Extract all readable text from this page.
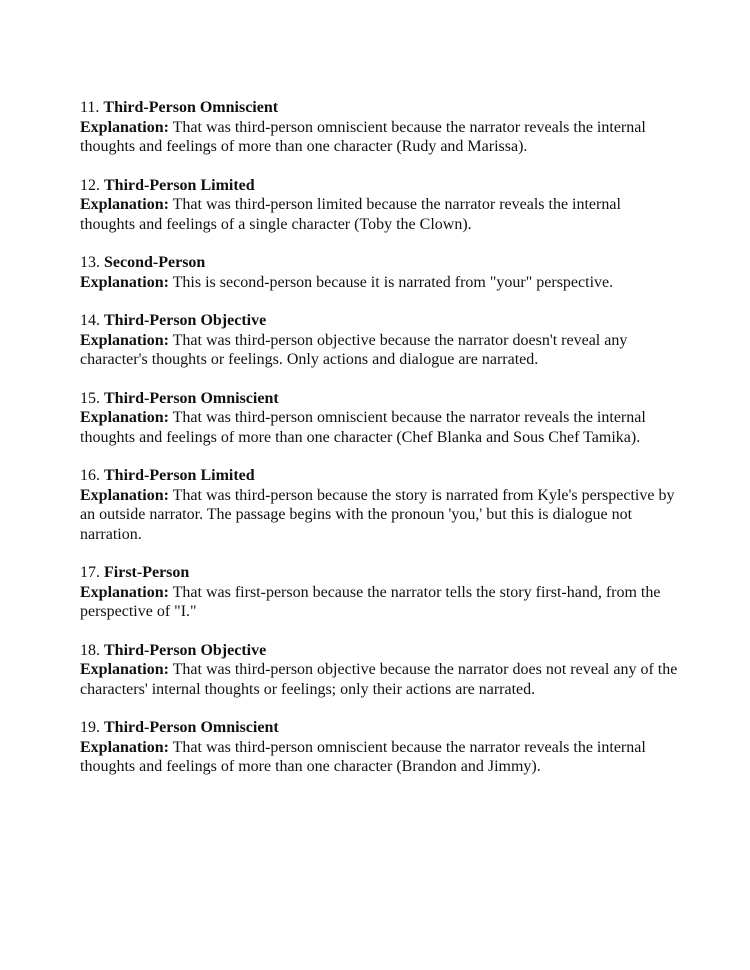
11. Third-Person Omniscient
Explanation: That was third-person omniscient because the narrator reveals the internal thoughts and feelings of more than one character (Rudy and Marissa).
12. Third-Person Limited
Explanation: That was third-person limited because the narrator reveals the internal thoughts and feelings of a single character (Toby the Clown).
13. Second-Person
Explanation: This is second-person because it is narrated from "your" perspective.
14. Third-Person Objective
Explanation: That was third-person objective because the narrator doesn't reveal any character's thoughts or feelings. Only actions and dialogue are narrated.
15. Third-Person Omniscient
Explanation: That was third-person omniscient because the narrator reveals the internal thoughts and feelings of more than one character (Chef Blanka and Sous Chef Tamika).
16. Third-Person Limited
Explanation: That was third-person because the story is narrated from Kyle's perspective by an outside narrator. The passage begins with the pronoun 'you,' but this is dialogue not narration.
17. First-Person
Explanation: That was first-person because the narrator tells the story first-hand, from the perspective of "I."
18. Third-Person Objective
Explanation: That was third-person objective because the narrator does not reveal any of the characters' internal thoughts or feelings; only their actions are narrated.
19. Third-Person Omniscient
Explanation: That was third-person omniscient because the narrator reveals the internal thoughts and feelings of more than one character (Brandon and Jimmy).
